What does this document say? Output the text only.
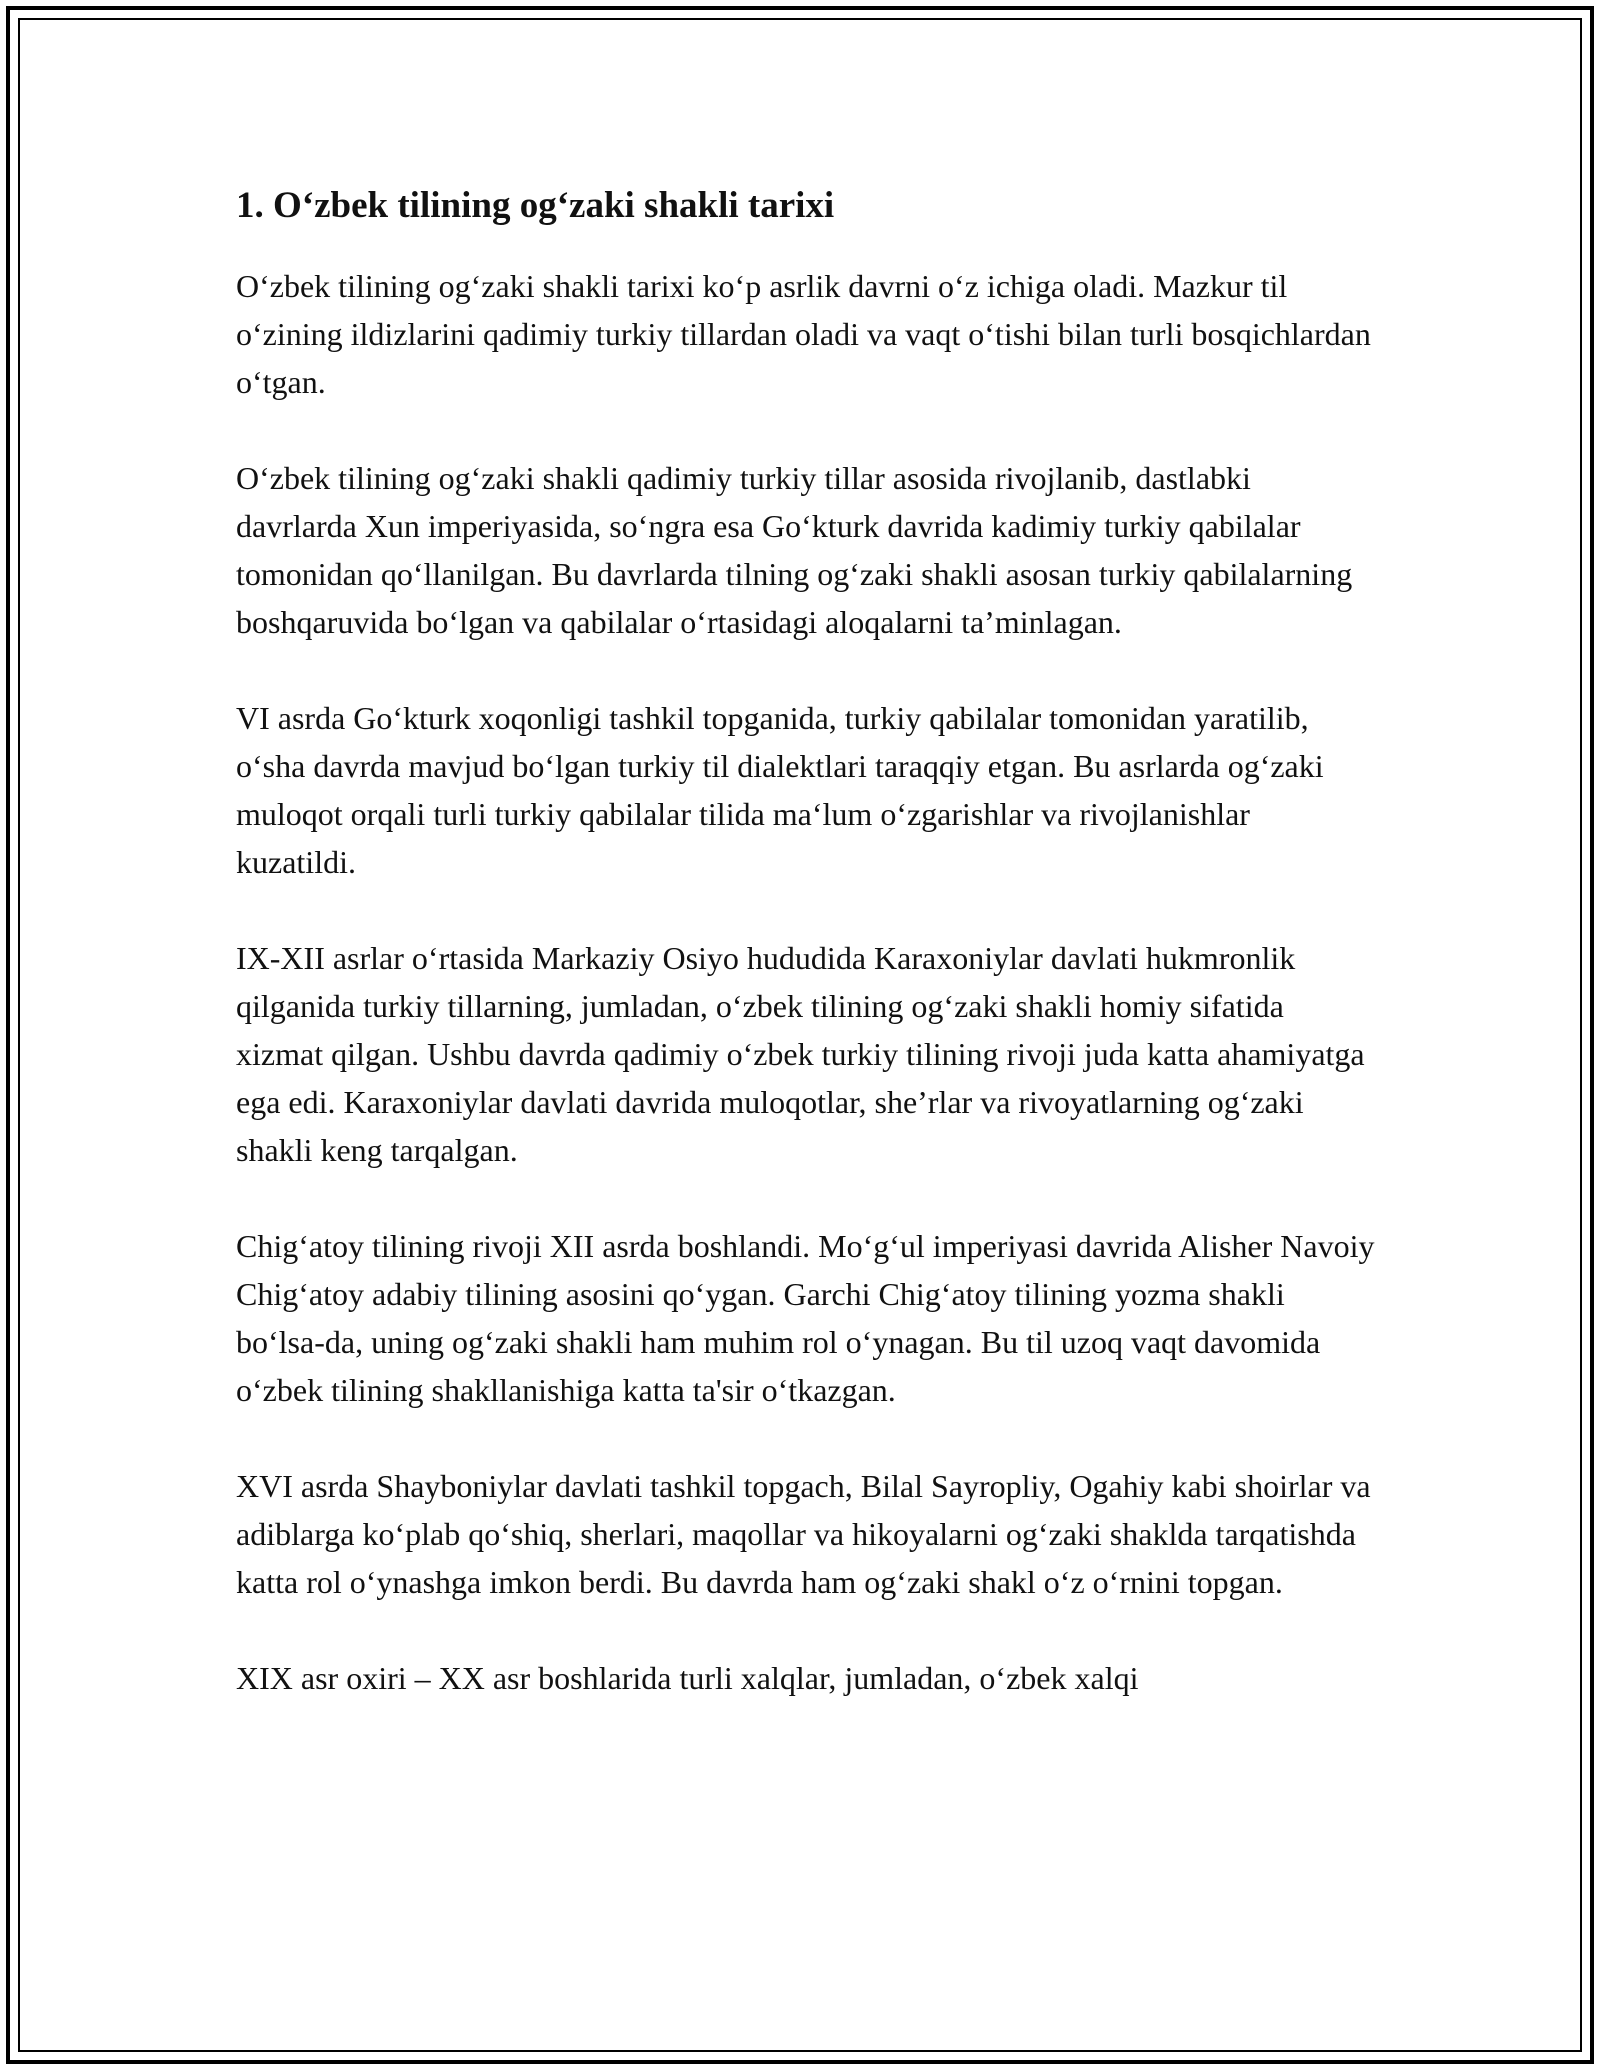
1. O‘zbek tilining og‘zaki shakli tarixi

O‘zbek tilining og‘zaki shakli tarixi ko‘p asrlik davrni o‘z ichiga oladi. Mazkur til o‘zining ildizlarini qadimiy turkiy tillardan oladi va vaqt o‘tishi bilan turli bosqichlardan o‘tgan.

O‘zbek tilining og‘zaki shakli qadimiy turkiy tillar asosida rivojlanib, dastlabki davrlarda Xun imperiyasida, so‘ngra esa Go‘kturk davrida kadimiy turkiy qabilalar tomonidan qo‘llanilgan. Bu davrlarda tilning og‘zaki shakli asosan turkiy qabilalarning boshqaruvida bo‘lgan va qabilalar o‘rtasidagi aloqalarni ta’minlagan.

VI asrda Go‘kturk xoqonligi tashkil topganida, turkiy qabilalar tomonidan yaratilib, o‘sha davrda mavjud bo‘lgan turkiy til dialektlari taraqqiy etgan. Bu asrlarda og‘zaki muloqot orqali turli turkiy qabilalar tilida ma‘lum o‘zgarishlar va rivojlanishlar kuzatildi.

IX-XII asrlar o‘rtasida Markaziy Osiyo hududida Karaxoniylar davlati hukmronlik qilganida turkiy tillarning, jumladan, o‘zbek tilining og‘zaki shakli homiy sifatida xizmat qilgan. Ushbu davrda qadimiy o‘zbek turkiy tilining rivoji juda katta ahamiyatga ega edi. Karaxoniylar davlati davrida muloqotlar, she’rlar va rivoyatlarning og‘zaki shakli keng tarqalgan.

Chig‘atoy tilining rivoji XII asrda boshlandi. Mo‘g‘ul imperiyasi davrida Alisher Navoiy Chig‘atoy adabiy tilining asosini qo‘ygan. Garchi Chig‘atoy tilining yozma shakli bo‘lsa-da, uning og‘zaki shakli ham muhim rol o‘ynagan. Bu til uzoq vaqt davomida o‘zbek tilining shakllanishiga katta ta'sir o‘tkazgan.

XVI asrda Shayboniylar davlati tashkil topgach, Bilal Sayropliy, Ogahiy kabi shoirlar va adiblarga ko‘plab qo‘shiq, sherlari, maqollar va hikoyalarni og‘zaki shaklda tarqatishda katta rol o‘ynashga imkon berdi. Bu davrda ham og‘zaki shakl o‘z o‘rnini topgan.

XIX asr oxiri – XX asr boshlarida turli xalqlar, jumladan, o‘zbek xalqi
